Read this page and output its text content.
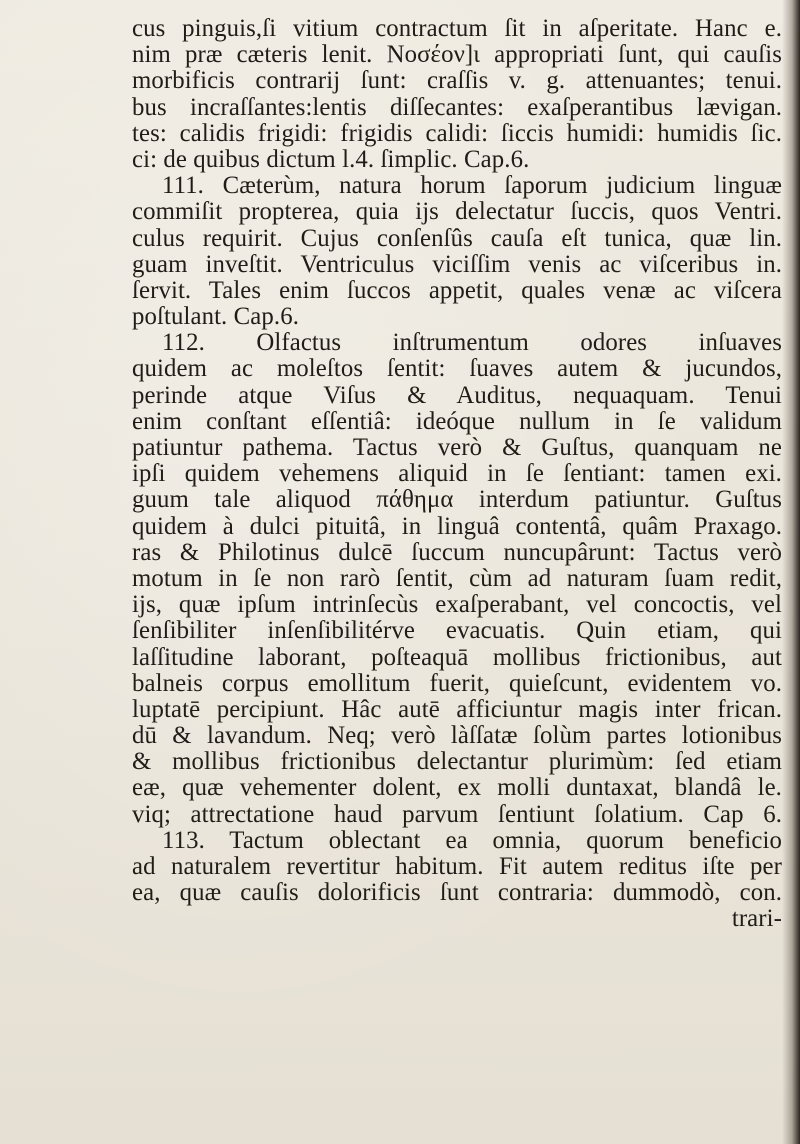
cus pinguis,ſi vitium contractum ſit in aſperitate. Hanc e.
nim præ cæteris lenit. Νοσέον]ι appropriati ſunt, qui cauſis
morbificis contrarij ſunt: craſſis v. g. attenuantes; tenui.
bus incraſſantes:lentis diſſecantes: exaſperantibus lævigan.
tes: calidis frigidi: frigidis calidi: ſiccis humidi: humidis ſic.
ci: de quibus dictum l.4. ſimplic. Cap.6.
111. Cæterùm, natura horum ſaporum judicium linguæ
commiſit propterea, quia ijs delectatur ſuccis, quos Ventri.
culus requirit. Cujus conſenſûs cauſa eſt tunica, quæ lin.
guam inveſtit. Ventriculus viciſſim venis ac viſceribus in.
ſervit. Tales enim ſuccos appetit, quales venæ ac viſcera
poſtulant. Cap.6.
112. Olfactus inſtrumentum odores inſuaves
quidem ac moleſtos ſentit: ſuaves autem & jucundos,
perinde atque Viſus & Auditus, nequaquam. Tenui
enim conſtant eſſentiâ: ideóque nullum in ſe validum
patiuntur pathema. Tactus verò & Guſtus, quanquam ne
ipſi quidem vehemens aliquid in ſe ſentiant: tamen exi.
guum tale aliquod πάθημα interdum patiuntur. Guſtus
quidem à dulci pituitâ, in linguâ contentâ, quâm Praxago.
ras & Philotinus dulcē ſuccum nuncupârunt: Tactus verò
motum in ſe non rarò ſentit, cùm ad naturam ſuam redit,
ijs, quæ ipſum intrinſecùs exaſperabant, vel concoctis, vel
ſenſibiliter inſenſibilitérve evacuatis. Quin etiam, qui
laſſitudine laborant, poſteaquā mollibus frictionibus, aut
balneis corpus emollitum fuerit, quieſcunt, evidentem vo.
luptatē percipiunt. Hâc autē afficiuntur magis inter frican.
dū & lavandum. Neq; verò làſſatæ ſolùm partes lotionibus
& mollibus frictionibus delectantur plurimùm: ſed etiam
eæ, quæ vehementer dolent, ex molli duntaxat, blandâ le.
viq; attrectatione haud parvum ſentiunt ſolatium. Cap 6.
113. Tactum oblectant ea omnia, quorum beneficio
ad naturalem revertitur habitum. Fit autem reditus iſte per
ea, quæ cauſis dolorificis ſunt contraria: dummodò, con.
trari-
